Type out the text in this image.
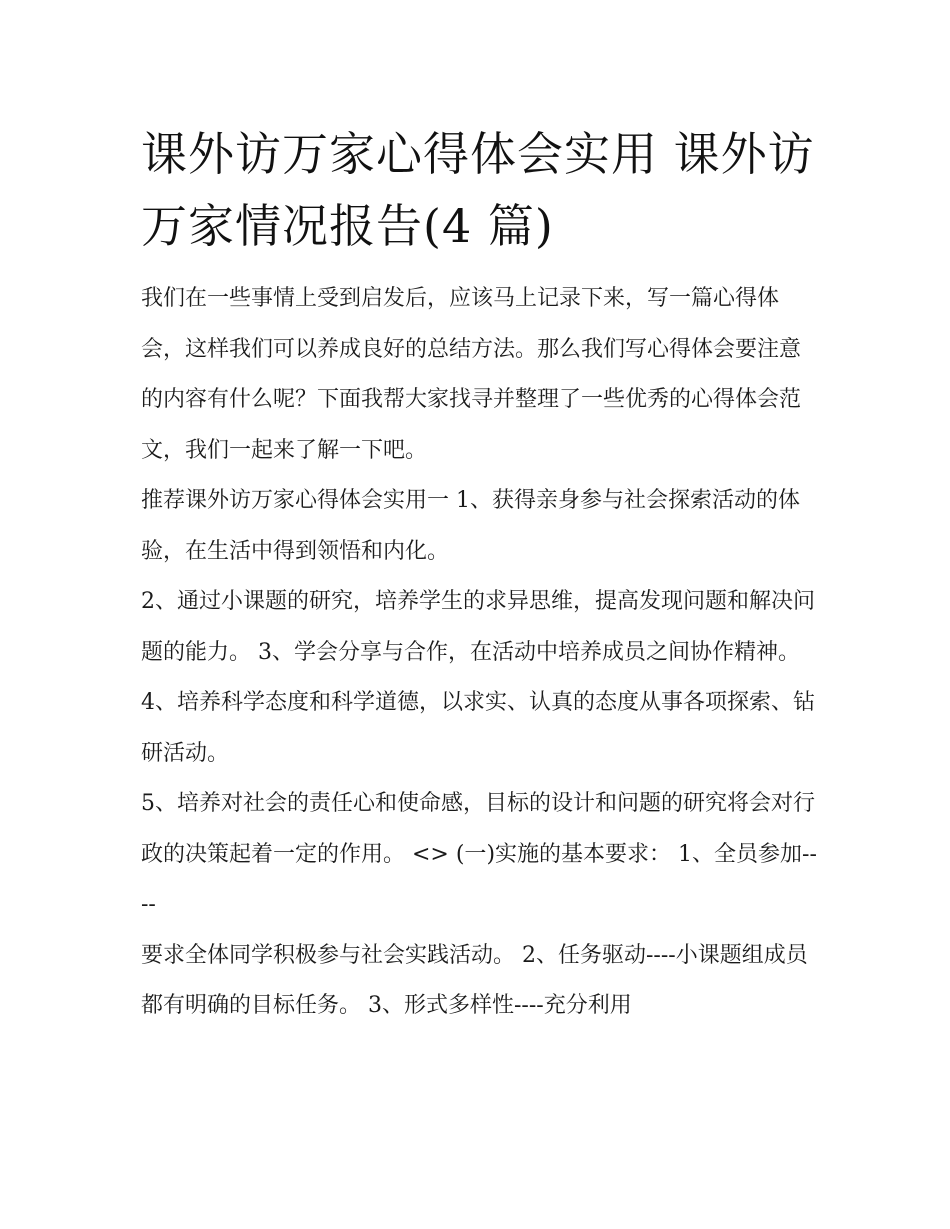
课外访万家心得体会实用 课外访万家情况报告(4 篇)

我们在一些事情上受到启发后，应该马上记录下来，写一篇心得体会，这样我们可以养成良好的总结方法。那么我们写心得体会要注意的内容有什么呢？下面我帮大家找寻并整理了一些优秀的心得体会范文，我们一起来了解一下吧。

推荐课外访万家心得体会实用一 1、获得亲身参与社会探索活动的体验，在生活中得到领悟和内化。

2、通过小课题的研究，培养学生的求异思维，提高发现问题和解决问题的能力。 3、学会分享与合作，在活动中培养成员之间协作精神。

4、培养科学态度和科学道德，以求实、认真的态度从事各项探索、钻研活动。

5、培养对社会的责任心和使命感，目标的设计和问题的研究将会对行政的决策起着一定的作用。 <> (一)实施的基本要求： 1、全员参加----

要求全体同学积极参与社会实践活动。 2、任务驱动----小课题组成员都有明确的目标任务。 3、形式多样性----充分利用
